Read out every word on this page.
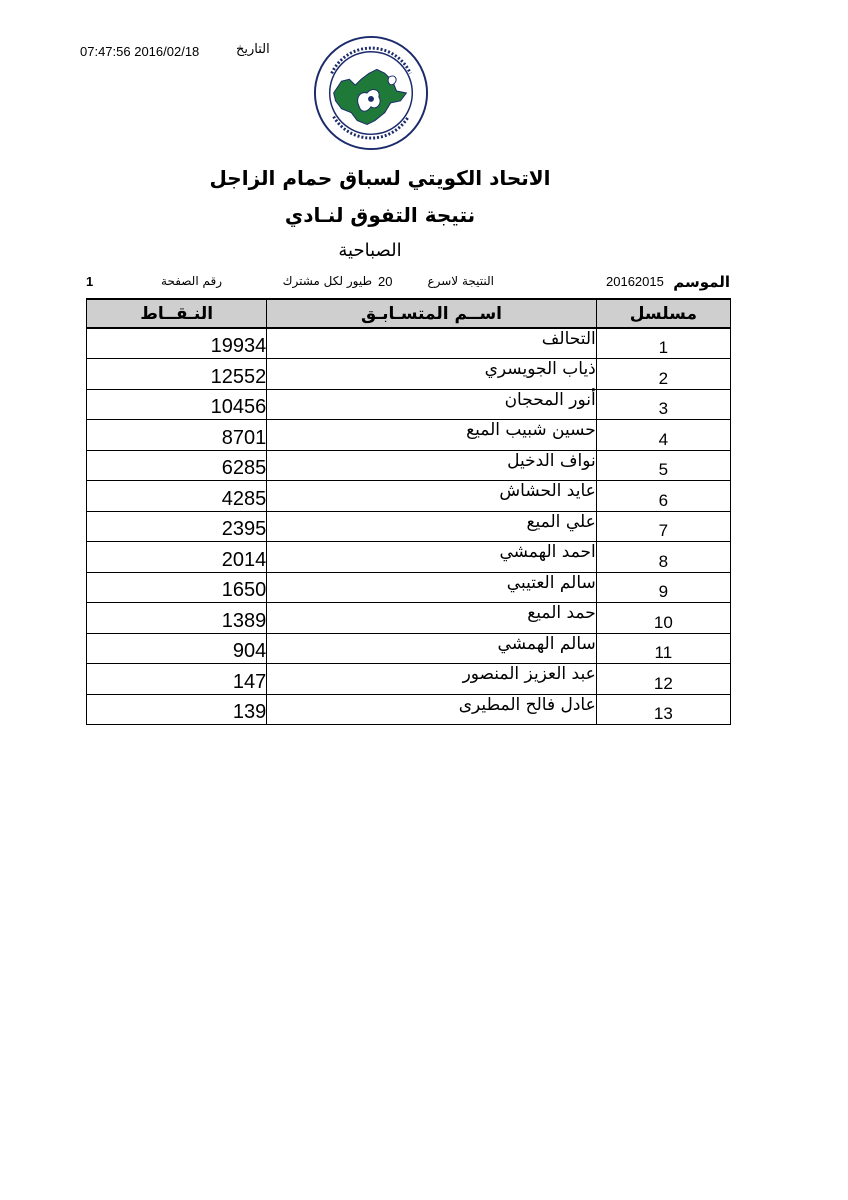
07:47:56 2016/02/18	التاريخ
الاتحاد الكويتي لسباق حمام الزاجل
نتيجة التفوق لنـادي
الصباحية
الموسم
20162015
النتيجة لاسرع
20
طيور لكل مشترك
رقم الصفحة
1
النـقــاط	اســم المتسـابـق	مسلسل
19934	التحالف	1
12552	ذياب الجويسري	2
10456	أنور المحجان	3
8701	حسين شبيب الميع	4
6285	نواف الدخيل	5
4285	عايد الحشاش	6
2395	علي الميع	7
2014	احمد الهمشي	8
1650	سالم العتيبي	9
1389	حمد الميع	10
904	سالم الهمشي	11
147	عبد العزيز المنصور	12
139	عادل فالح المطيرى	13
